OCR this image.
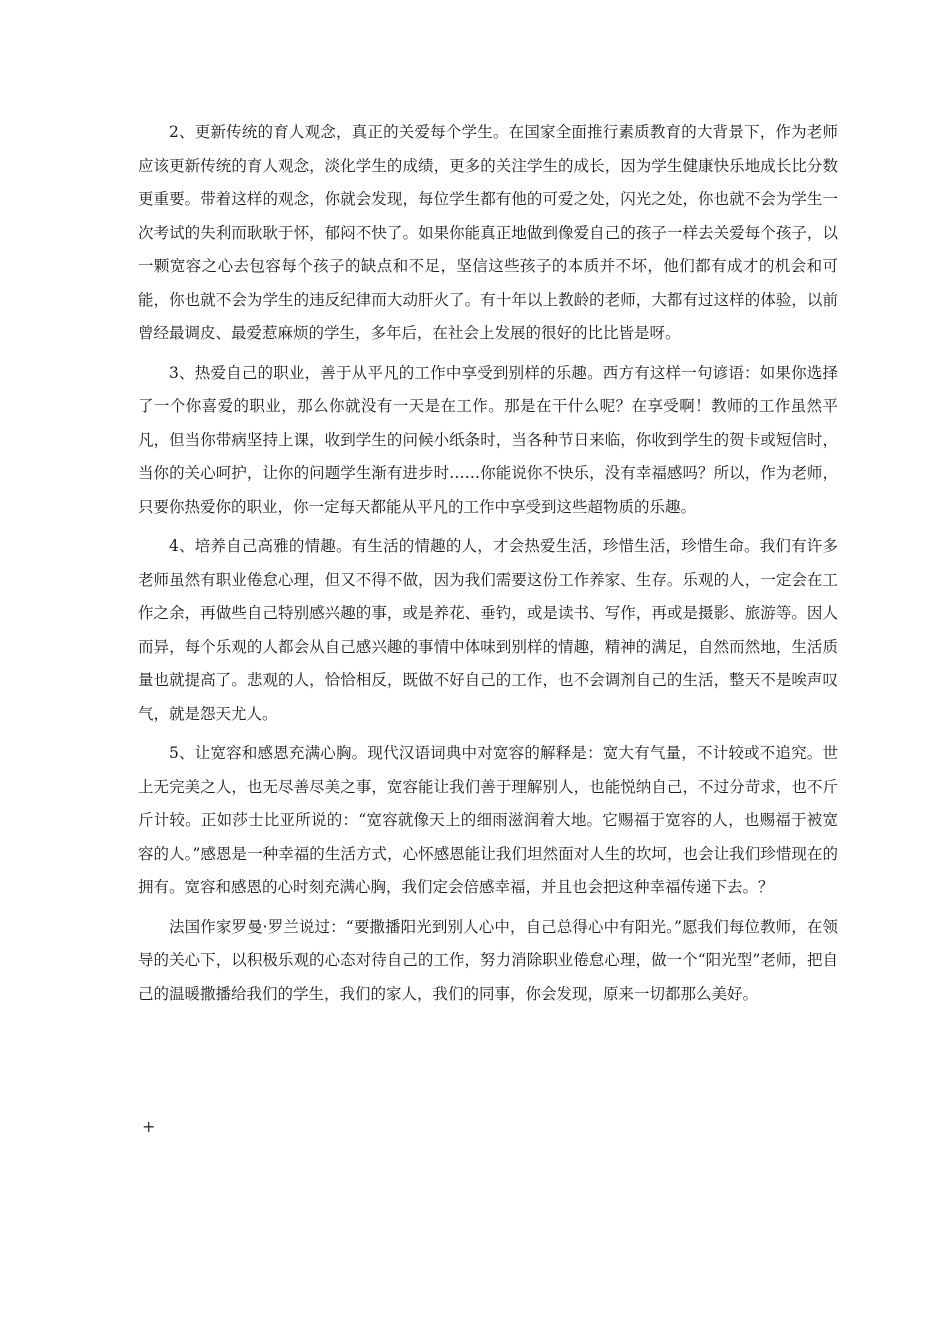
2、更新传统的育人观念，真正的关爱每个学生。在国家全面推行素质教育的大背景下，作为老师应该更新传统的育人观念，淡化学生的成绩，更多的关注学生的成长，因为学生健康快乐地成长比分数更重要。带着这样的观念，你就会发现，每位学生都有他的可爱之处，闪光之处，你也就不会为学生一次考试的失利而耿耿于怀，郁闷不快了。如果你能真正地做到像爱自己的孩子一样去关爱每个孩子，以一颗宽容之心去包容每个孩子的缺点和不足，坚信这些孩子的本质并不坏，他们都有成才的机会和可能，你也就不会为学生的违反纪律而大动肝火了。有十年以上教龄的老师，大都有过这样的体验，以前曾经最调皮、最爱惹麻烦的学生，多年后，在社会上发展的很好的比比皆是呀。

3、热爱自己的职业，善于从平凡的工作中享受到别样的乐趣。西方有这样一句谚语：如果你选择了一个你喜爱的职业，那么你就没有一天是在工作。那是在干什么呢？在享受啊！教师的工作虽然平凡，但当你带病坚持上课，收到学生的问候小纸条时，当各种节日来临，你收到学生的贺卡或短信时，当你的关心呵护，让你的问题学生渐有进步时……你能说你不快乐，没有幸福感吗？所以，作为老师，只要你热爱你的职业，你一定每天都能从平凡的工作中享受到这些超物质的乐趣。

4、培养自己高雅的情趣。有生活的情趣的人，才会热爱生活，珍惜生活，珍惜生命。我们有许多老师虽然有职业倦怠心理，但又不得不做，因为我们需要这份工作养家、生存。乐观的人，一定会在工作之余，再做些自己特别感兴趣的事，或是养花、垂钓，或是读书、写作，再或是摄影、旅游等。因人而异，每个乐观的人都会从自己感兴趣的事情中体味到别样的情趣，精神的满足，自然而然地，生活质量也就提高了。悲观的人，恰恰相反，既做不好自己的工作，也不会调剂自己的生活，整天不是唉声叹气，就是怨天尤人。

5、让宽容和感恩充满心胸。现代汉语词典中对宽容的解释是：宽大有气量，不计较或不追究。世上无完美之人，也无尽善尽美之事，宽容能让我们善于理解别人，也能悦纳自己，不过分苛求，也不斤斤计较。正如莎士比亚所说的：“宽容就像天上的细雨滋润着大地。它赐福于宽容的人，也赐福于被宽容的人。”感恩是一种幸福的生活方式，心怀感恩能让我们坦然面对人生的坎坷，也会让我们珍惜现在的拥有。宽容和感恩的心时刻充满心胸，我们定会倍感幸福，并且也会把这种幸福传递下去。？

法国作家罗曼·罗兰说过：“要撒播阳光到别人心中，自己总得心中有阳光。”愿我们每位教师，在领导的关心下，以积极乐观的心态对待自己的工作，努力消除职业倦怠心理，做一个“阳光型”老师，把自己的温暖撒播给我们的学生，我们的家人，我们的同事，你会发现，原来一切都那么美好。

+
